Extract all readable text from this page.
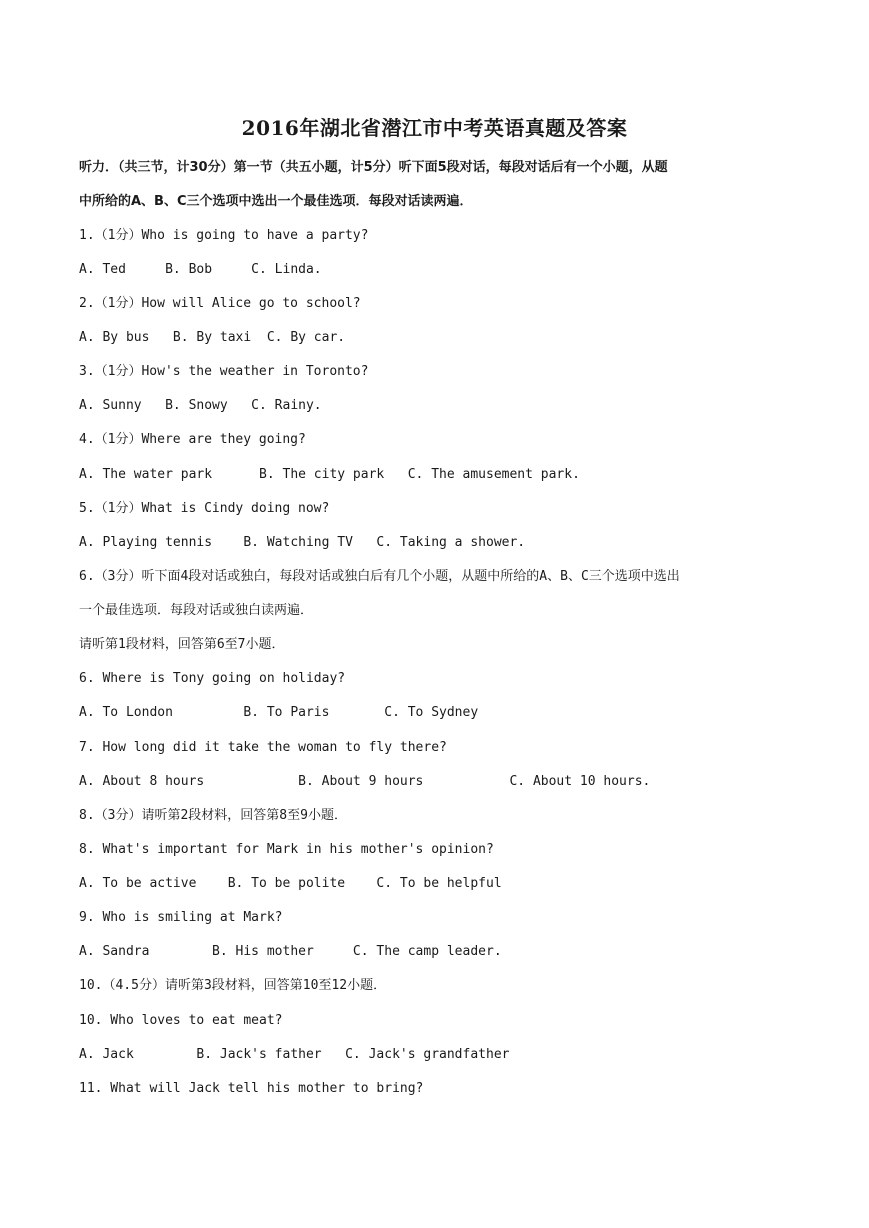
2016年湖北省潜江市中考英语真题及答案
听力．（共三节，计30分）第一节（共五小题，计5分）听下面5段对话，每段对话后有一个小题，从题
中所给的A、B、C三个选项中选出一个最佳选项．每段对话读两遍．
1.（1分）Who is going to have a party?
A. Ted     B. Bob     C. Linda.
2.（1分）How will Alice go to school?
A. By bus   B. By taxi  C. By car.
3.（1分）How's the weather in Toronto?
A. Sunny   B. Snowy   C. Rainy.
4.（1分）Where are they going?
A. The water park      B. The city park   C. The amusement park.
5.（1分）What is Cindy doing now?
A. Playing tennis    B. Watching TV   C. Taking a shower.
6.（3分）听下面4段对话或独白，每段对话或独白后有几个小题，从题中所给的A、B、C三个选项中选出
一个最佳选项．每段对话或独白读两遍．
请听第1段材料，回答第6至7小题．
6. Where is Tony going on holiday?
A. To London         B. To Paris       C. To Sydney
7. How long did it take the woman to fly there?
A. About 8 hours            B. About 9 hours           C. About 10 hours.
8.（3分）请听第2段材料，回答第8至9小题．
8. What's important for Mark in his mother's opinion?
A. To be active    B. To be polite    C. To be helpful
9. Who is smiling at Mark?
A. Sandra        B. His mother     C. The camp leader.
10.（4.5分）请听第3段材料，回答第10至12小题．
10. Who loves to eat meat?
A. Jack        B. Jack's father   C. Jack's grandfather
11. What will Jack tell his mother to bring?
